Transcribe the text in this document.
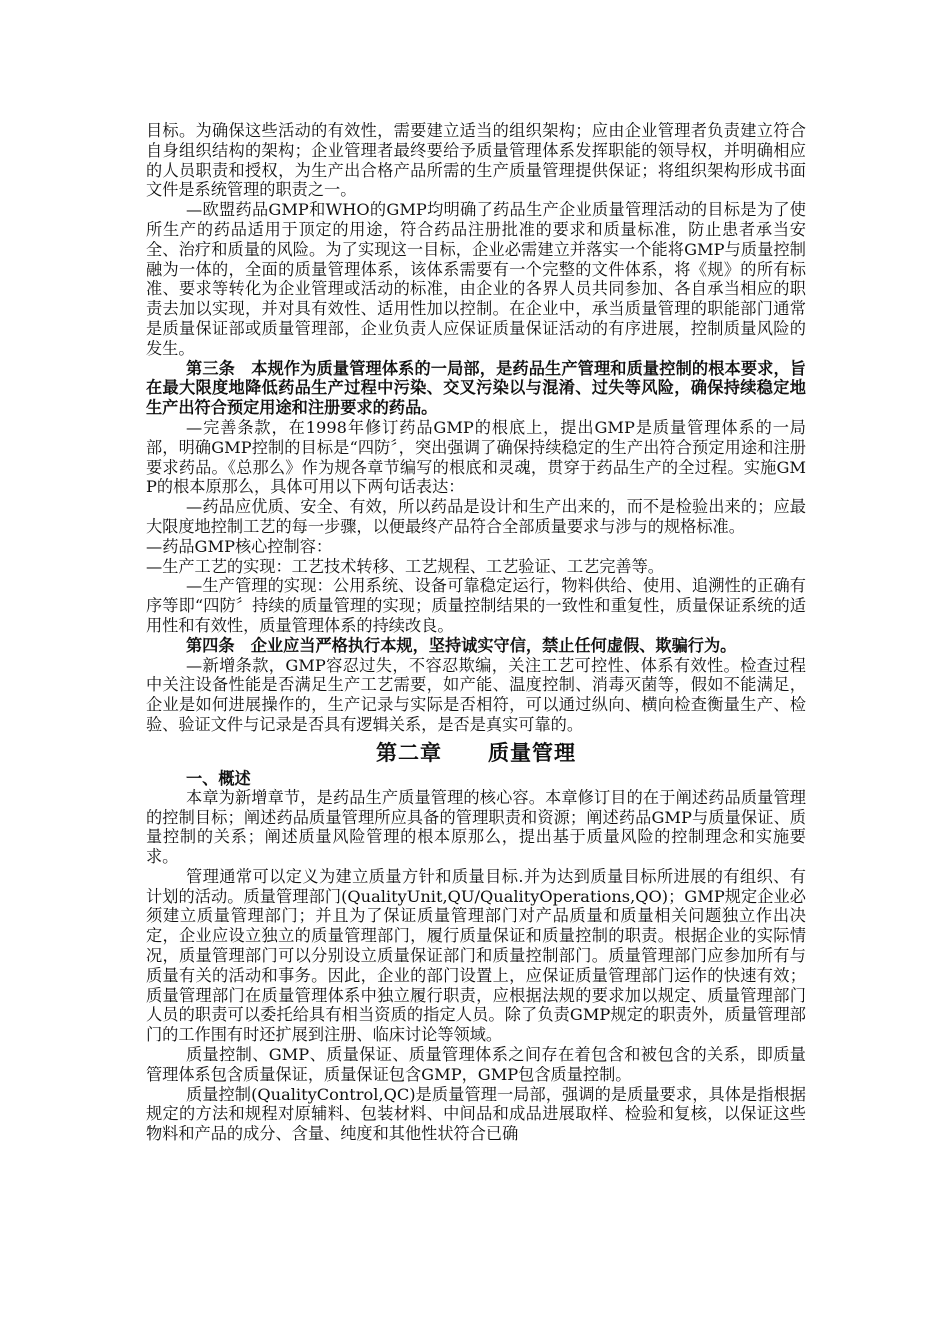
目标。为确保这些活动的有效性，需要建立适当的组织架构；应由企业管理者负责建立符合自身组织结构的架构；企业管理者最终要给予质量管理体系发挥职能的领导权，并明确相应的人员职责和授权，为生产出合格产品所需的生产质量管理提供保证；将组织架构形成书面文件是系统管理的职责之一。

—欧盟药品GMP和WHO的GMP均明确了药品生产企业质量管理活动的目标是为了使所生产的药品适用于顶定的用途，符合药品注册批准的要求和质量标准，防止患者承当安全、治疗和质量的风险。为了实现这一目标，企业必需建立并落实一个能将GMP与质量控制融为一体的，全面的质量管理体系，该体系需要有一个完整的文件体系，将《规》的所有标准、要求等转化为企业管理或活动的标准，由企业的各界人员共同参加、各自承当相应的职责去加以实现，并对具有效性、适用性加以控制。在企业中，承当质量管理的职能部门通常是质量保证部或质量管理部，企业负责人应保证质量保证活动的有序进展，控制质量风险的发生。

第三条　本规作为质量管理体系的一局部，是药品生产管理和质量控制的根本要求，旨在最大限度地降低药品生产过程中污染、交叉污染以与混淆、过失等风险，确保持续稳定地生产出符合预定用途和注册要求的药品。

—完善条款，在1998年修订药品GMP的根底上，提出GMP是质量管理体系的一局部，明确GMP控制的目标是“四防〞，突出强调了确保持续稳定的生产出符合预定用途和注册要求药品。《总那么》作为规各章节编写的根底和灵魂，贯穿于药品生产的全过程。实施GMP的根本原那么，具体可用以下两句话表达：

—药品应优质、安全、有效，所以药品是设计和生产出来的，而不是检验出来的；应最大限度地控制工艺的每一步骤，以便最终产品符合全部质量要求与涉与的规格标准。

—药品GMP核心控制容：

—生产工艺的实现：工艺技术转移、工艺规程、工艺验证、工艺完善等。

—生产管理的实现：公用系统、设备可靠稳定运行，物料供给、使用、追溯性的正确有序等即“四防〞持续的质量管理的实现；质量控制结果的一致性和重复性，质量保证系统的适用性和有效性，质量管理体系的持续改良。

第四条　企业应当严格执行本规，坚持诚实守信，禁止任何虚假、欺骗行为。

—新增条款，GMP容忍过失，不容忍欺编，关注工艺可控性、体系有效性。检查过程中关注设备性能是否满足生产工艺需要，如产能、温度控制、消毒灭菌等，假如不能满足，企业是如何进展操作的，生产记录与实际是否相符，可以通过纵向、横向检查衡量生产、检验、验证文件与记录是否具有逻辑关系，是否是真实可靠的。

第二章 质量管理

一、概述

本章为新增章节，是药品生产质量管理的核心容。本章修订目的在于阐述药品质量管理的控制目标；阐述药品质量管理所应具备的管理职责和资源；阐述药品GMP与质量保证、质量控制的关系；阐述质量风险管理的根本原那么，提出基于质量风险的控制理念和实施要求。

管理通常可以定义为建立质量方针和质量目标.并为达到质量目标所进展的有组织、有计划的活动。质量管理部门(QualityUnit,QU/QualityOperations,QO)；GMP规定企业必须建立质量管理部门；并且为了保证质量管理部门对产品质量和质量相关问题独立作出决定，企业应设立独立的质量管理部门，履行质量保证和质量控制的职责。根据企业的实际情况，质量管理部门可以分别设立质量保证部门和质量控制部门。质量管理部门应参加所有与质量有关的活动和事务。因此，企业的部门设置上，应保证质量管理部门运作的快速有效；质量管理部门在质量管理体系中独立履行职责，应根据法规的要求加以规定、质量管理部门人员的职责可以委托给具有相当资质的指定人员。除了负责GMP规定的职责外，质量管理部门的工作围有时还扩展到注册、临床讨论等领域。

质量控制、GMP、质量保证、质量管理体系之间存在着包含和被包含的关系，即质量管理体系包含质量保证，质量保证包含GMP，GMP包含质量控制。

质量控制(QualityControl,QC)是质量管理一局部，强调的是质量要求，具体是指根据规定的方法和规程对原辅料、包装材料、中间品和成品进展取样、检验和复核，以保证这些物料和产品的成分、含量、纯度和其他性状符合已确
